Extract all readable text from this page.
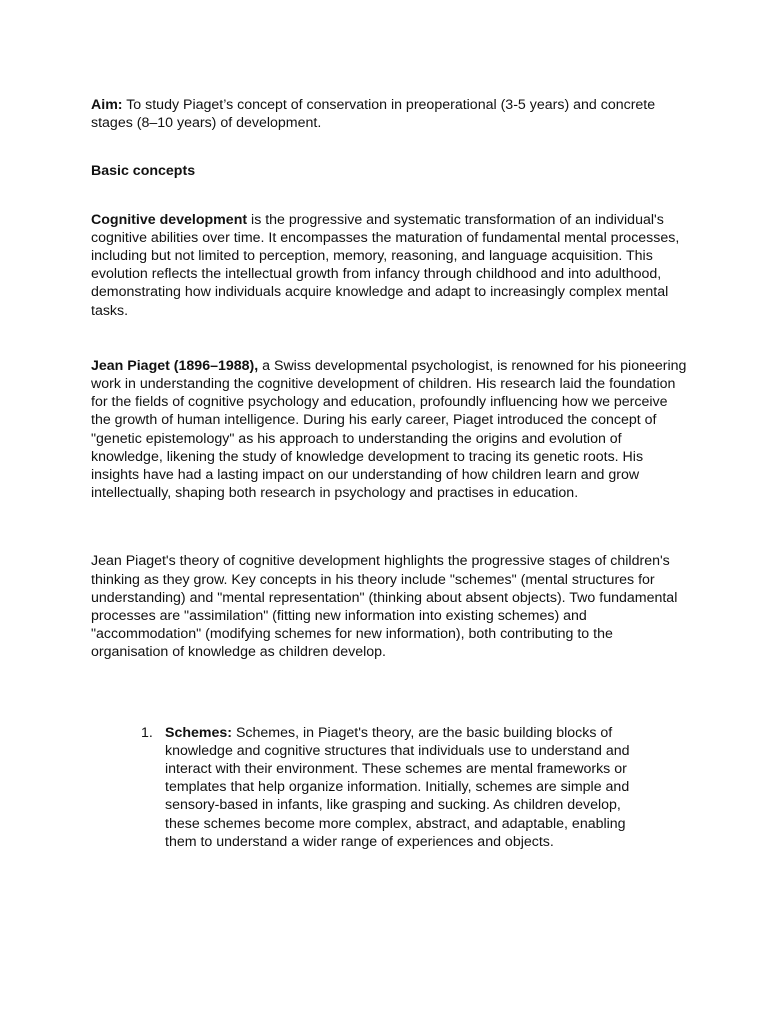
Aim: To study Piaget’s concept of conservation in preoperational (3-5 years) and concrete stages (8–10 years) of development.

Basic concepts

Cognitive development is the progressive and systematic transformation of an individual's cognitive abilities over time. It encompasses the maturation of fundamental mental processes, including but not limited to perception, memory, reasoning, and language acquisition. This evolution reflects the intellectual growth from infancy through childhood and into adulthood, demonstrating how individuals acquire knowledge and adapt to increasingly complex mental tasks.

Jean Piaget (1896–1988), a Swiss developmental psychologist, is renowned for his pioneering work in understanding the cognitive development of children. His research laid the foundation for the fields of cognitive psychology and education, profoundly influencing how we perceive the growth of human intelligence. During his early career, Piaget introduced the concept of "genetic epistemology" as his approach to understanding the origins and evolution of knowledge, likening the study of knowledge development to tracing its genetic roots. His insights have had a lasting impact on our understanding of how children learn and grow intellectually, shaping both research in psychology and practises in education.

Jean Piaget's theory of cognitive development highlights the progressive stages of children's thinking as they grow. Key concepts in his theory include "schemes" (mental structures for understanding) and "mental representation" (thinking about absent objects). Two fundamental processes are "assimilation" (fitting new information into existing schemes) and "accommodation" (modifying schemes for new information), both contributing to the organisation of knowledge as children develop.

1. Schemes: Schemes, in Piaget's theory, are the basic building blocks of knowledge and cognitive structures that individuals use to understand and interact with their environment. These schemes are mental frameworks or templates that help organize information. Initially, schemes are simple and sensory-based in infants, like grasping and sucking. As children develop, these schemes become more complex, abstract, and adaptable, enabling them to understand a wider range of experiences and objects.
